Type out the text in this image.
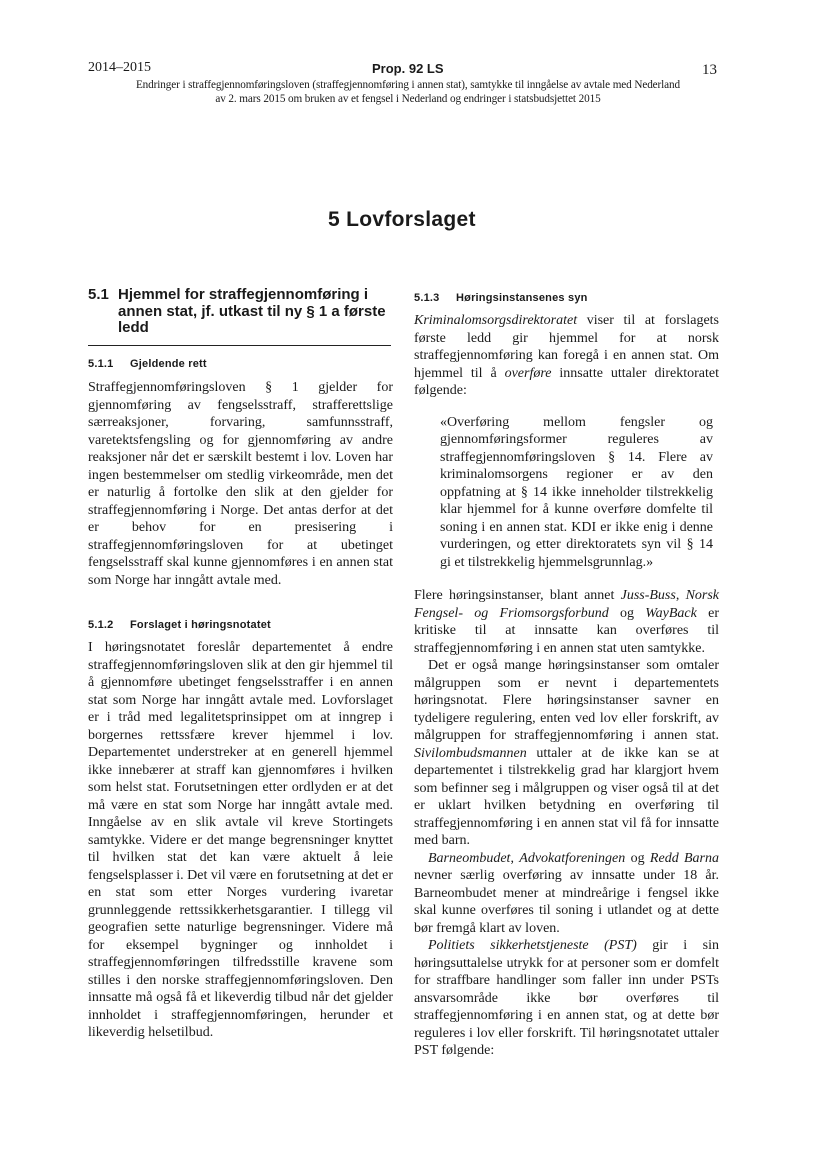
2014–2015	Prop. 92 LS	13
Endringer i straffegjennomføringsloven (straffegjennomføring i annen stat), samtykke til inngåelse av avtale med Nederland
av 2. mars 2015 om bruken av et fengsel i Nederland og endringer i statsbudsjettet 2015
5 Lovforslaget
5.1 Hjemmel for straffegjennomføring i annen stat, jf. utkast til ny § 1 a første ledd
5.1.1 Gjeldende rett

Straffegjennomføringsloven § 1 gjelder for gjennomføring av fengselsstraff, strafferettslige særreaksjoner, forvaring, samfunnsstraff, varetektsfengsling og for gjennomføring av andre reaksjoner når det er særskilt bestemt i lov. Loven har ingen bestemmelser om stedlig virkeområde, men det er naturlig å fortolke den slik at den gjelder for straffegjennomføring i Norge. Det antas derfor at det er behov for en presisering i straffegjennomføringsloven for at ubetinget fengselsstraff skal kunne gjennomføres i en annen stat som Norge har inngått avtale med.

5.1.2 Forslaget i høringsnotatet

I høringsnotatet foreslår departementet å endre straffegjennomføringsloven slik at den gir hjemmel til å gjennomføre ubetinget fengselsstraffer i en annen stat som Norge har inngått avtale med. Lovforslaget er i tråd med legalitetsprinsippet om at inngrep i borgernes rettssfære krever hjemmel i lov. Departementet understreker at en generell hjemmel ikke innebærer at straff kan gjennomføres i hvilken som helst stat. Forutsetningen etter ordlyden er at det må være en stat som Norge har inngått avtale med. Inngåelse av en slik avtale vil kreve Stortingets samtykke. Videre er det mange begrensninger knyttet til hvilken stat det kan være aktuelt å leie fengselsplasser i. Det vil være en forutsetning at det er en stat som etter Norges vurdering ivaretar grunnleggende rettssikkerhetsgarantier. I tillegg vil geografien sette naturlige begrensninger. Videre må for eksempel bygninger og innholdet i straffegjennomføringen tilfredsstille kravene som stilles i den norske straffegjennomføringsloven. Den innsatte må også få et likeverdig tilbud når det gjelder innholdet i straffegjennomføringen, herunder et likeverdig helsetilbud.

5.1.3 Høringsinstansenes syn

Kriminalomsorgsdirektoratet viser til at forslagets første ledd gir hjemmel for at norsk straffegjennomføring kan foregå i en annen stat. Om hjemmel til å overføre innsatte uttaler direktoratet følgende:

«Overføring mellom fengsler og gjennomføringsformer reguleres av straffegjennomføringsloven § 14. Flere av kriminalomsorgens regioner er av den oppfatning at § 14 ikke inneholder tilstrekkelig klar hjemmel for å kunne overføre domfelte til soning i en annen stat. KDI er ikke enig i denne vurderingen, og etter direktoratets syn vil § 14 gi et tilstrekkelig hjemmelsgrunnlag.»

Flere høringsinstanser, blant annet Juss-Buss, Norsk Fengsel- og Friomsorgsforbund og WayBack er kritiske til at innsatte kan overføres til straffegjennomføring i en annen stat uten samtykke.

Det er også mange høringsinstanser som omtaler målgruppen som er nevnt i departementets høringsnotat. Flere høringsinstanser savner en tydeligere regulering, enten ved lov eller forskrift, av målgruppen for straffegjennomføring i annen stat. Sivilombudsmannen uttaler at de ikke kan se at departementet i tilstrekkelig grad har klargjort hvem som befinner seg i målgruppen og viser også til at det er uklart hvilken betydning en overføring til straffegjennomføring i en annen stat vil få for innsatte med barn.

Barneombudet, Advokatforeningen og Redd Barna nevner særlig overføring av innsatte under 18 år. Barneombudet mener at mindreårige i fengsel ikke skal kunne overføres til soning i utlandet og at dette bør fremgå klart av loven.

Politiets sikkerhetstjeneste (PST) gir i sin høringsuttalelse utrykk for at personer som er domfelt for straffbare handlinger som faller inn under PSTs ansvarsområde ikke bør overføres til straffegjennomføring i en annen stat, og at dette bør reguleres i lov eller forskrift. Til høringsnotatet uttaler PST følgende:
